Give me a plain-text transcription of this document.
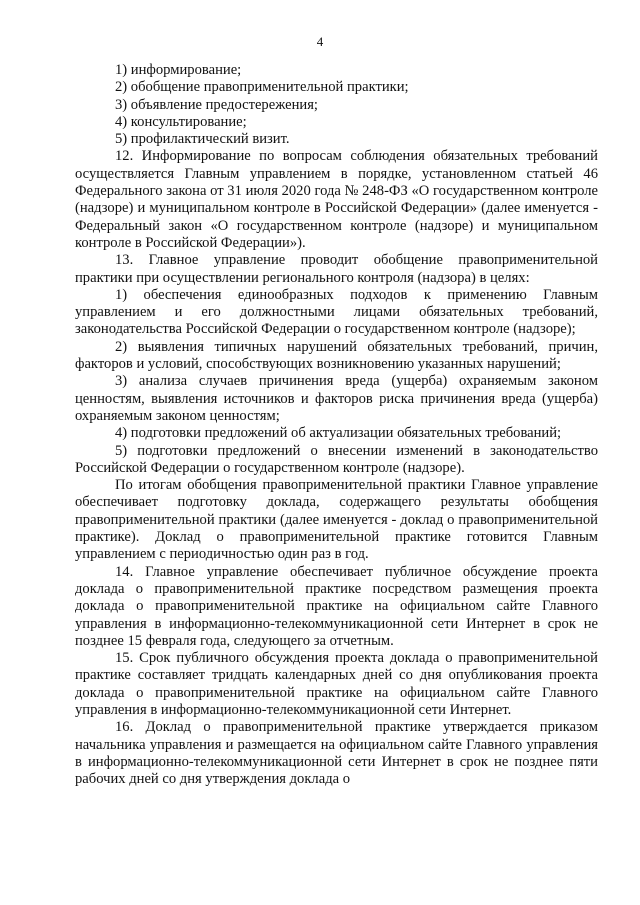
4

1) информирование;

2) обобщение правоприменительной практики;

3) объявление предостережения;

4) консультирование;

5) профилактический визит.

12. Информирование по вопросам соблюдения обязательных требований осуществляется Главным управлением в порядке, установленном статьей 46 Федерального закона от 31 июля 2020 года № 248-ФЗ «О государственном контроле (надзоре) и муниципальном контроле в Российской Федерации» (далее именуется - Федеральный закон «О государственном контроле (надзоре) и муниципальном контроле в Российской Федерации»).

13. Главное управление проводит обобщение правоприменительной практики при осуществлении регионального контроля (надзора) в целях:

1) обеспечения единообразных подходов к применению Главным управлением и его должностными лицами обязательных требований, законодательства Российской Федерации о государственном контроле (надзоре);

2) выявления типичных нарушений обязательных требований, причин, факторов и условий, способствующих возникновению указанных нарушений;

3) анализа случаев причинения вреда (ущерба) охраняемым законом ценностям, выявления источников и факторов риска причинения вреда (ущерба) охраняемым законом ценностям;

4) подготовки предложений об актуализации обязательных требований;

5) подготовки предложений о внесении изменений в законодательство Российской Федерации о государственном контроле (надзоре).

По итогам обобщения правоприменительной практики Главное управление обеспечивает подготовку доклада, содержащего результаты обобщения правоприменительной практики (далее именуется - доклад о правоприменительной практике). Доклад о правоприменительной практике готовится Главным управлением с периодичностью один раз в год.

14. Главное управление обеспечивает публичное обсуждение проекта доклада о правоприменительной практике посредством размещения проекта доклада о правоприменительной практике на официальном сайте Главного управления в информационно-телекоммуникационной сети Интернет в срок не позднее 15 февраля года, следующего за отчетным.

15. Срок публичного обсуждения проекта доклада о правоприменительной практике составляет тридцать календарных дней со дня опубликования проекта доклада о правоприменительной практике на официальном сайте Главного управления в информационно-телекоммуникационной сети Интернет.

16. Доклад о правоприменительной практике утверждается приказом начальника управления и размещается на официальном сайте Главного управления в информационно-телекоммуникационной сети Интернет в срок не позднее пяти рабочих дней со дня утверждения доклада о
